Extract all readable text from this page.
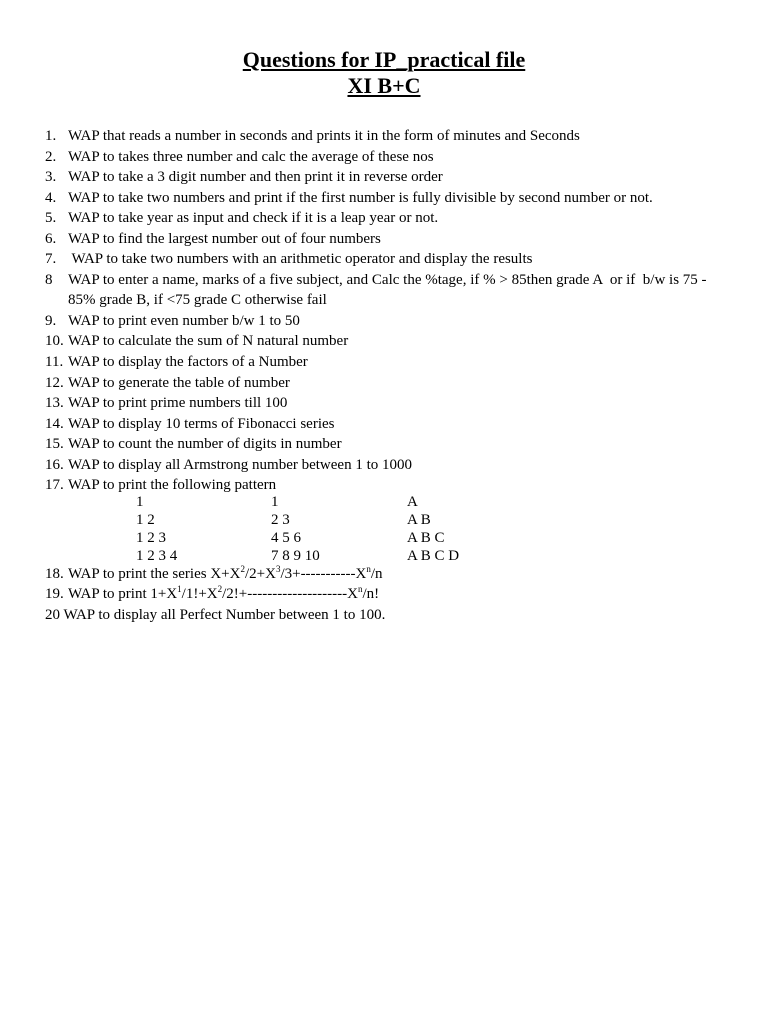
Questions for IP_practical file
XI B+C
1. WAP that reads a number in seconds and prints it in the form of minutes and Seconds
2. WAP to takes three number and calc the average of these nos
3. WAP to take a 3 digit number and then print it in reverse order
4. WAP to take two numbers and print if the first number is fully divisible by second number or not.
5. WAP to take year as input and check if it is a leap year or not.
6. WAP to find the largest number out of four numbers
7. WAP to take two numbers with an arithmetic operator and display the results
8 WAP to enter a name, marks of a five subject, and Calc the %tage, if % > 85then grade A  or if  b/w is 75 -
85% grade B, if <75 grade C otherwise fail
9. WAP to print even number b/w 1 to 50
10. WAP to calculate the sum of N natural number
11. WAP to display the factors of a Number
12. WAP to generate the table of number
13. WAP to print prime numbers till 100
14. WAP to display 10 terms of Fibonacci series
15. WAP to count the number of digits in number
16. WAP to display all Armstrong number between 1 to 1000
17. WAP to print the following pattern
1
1 2
1 2 3
1 2 3 4
1
2 3
4 5 6
7 8 9 10
A
A B
A B C
A B C D
18. WAP to print the series $X+X^2/2+X^3/3+-----------X^n/n$
19. WAP to print $1+X^1/1!+X^2/2!+--------------------X^n/n$!
20 WAP to display all Perfect Number between 1 to 100.
